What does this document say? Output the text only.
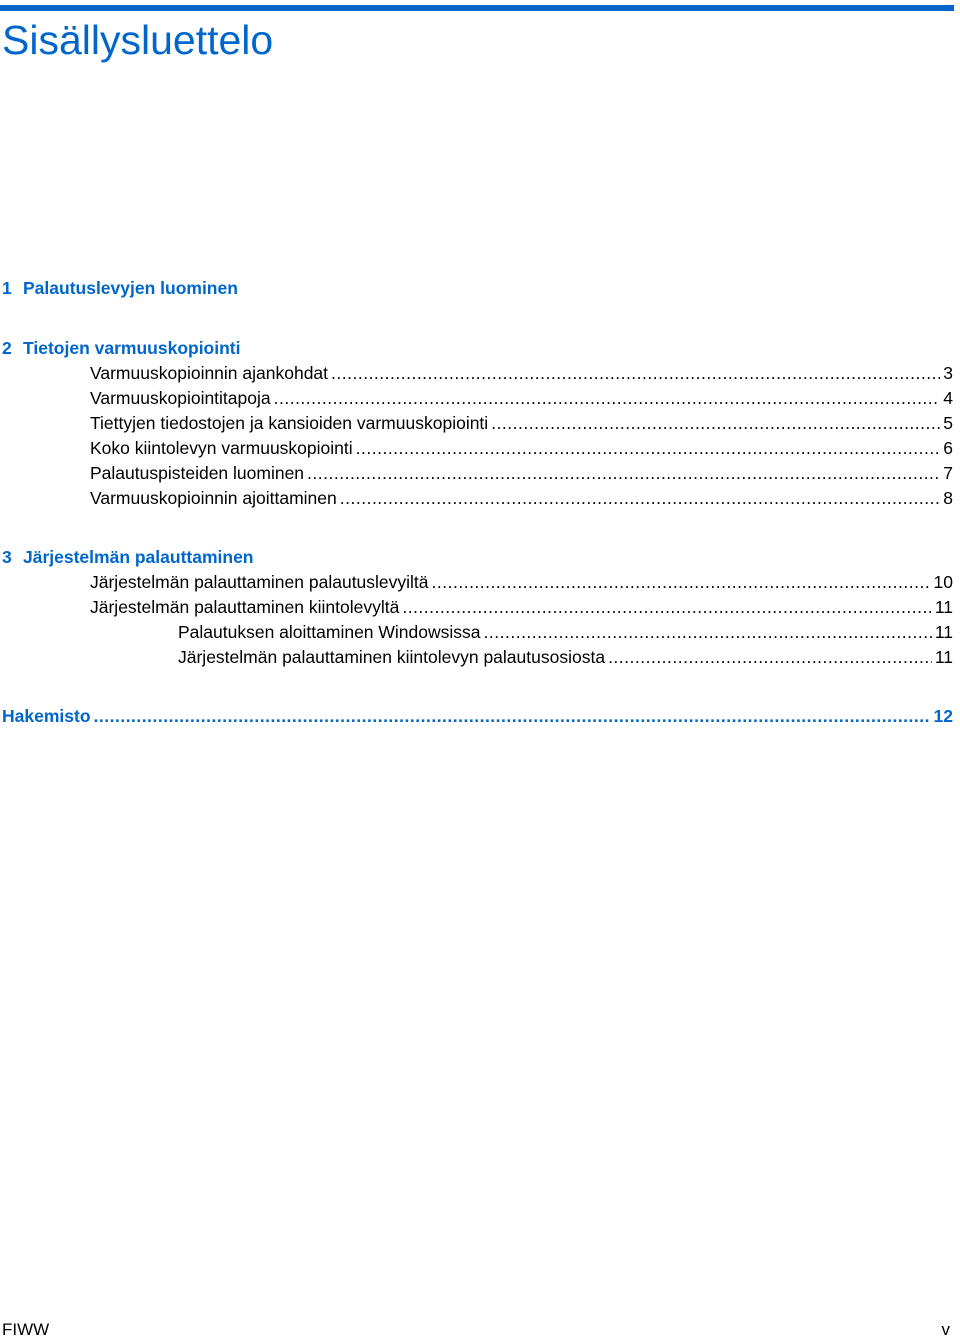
Sisällysluettelo
1 Palautuslevyjen luominen
2 Tietojen varmuuskopiointi
Varmuuskopioinnin ajankohdat .....	3
Varmuuskopiointitapoja .....	4
Tiettyjen tiedostojen ja kansioiden varmuuskopiointi .....	5
Koko kiintolevyn varmuuskopiointi .....	6
Palautuspisteiden luominen .....	7
Varmuuskopioinnin ajoittaminen .....	8
3 Järjestelmän palauttaminen
Järjestelmän palauttaminen palautuslevyiltä .....	10
Järjestelmän palauttaminen kiintolevyltä .....	11
Palautuksen aloittaminen Windowsissa .....	11
Järjestelmän palauttaminen kiintolevyn palautusosiosta .....	11
Hakemisto .....	12
FIWW	v
